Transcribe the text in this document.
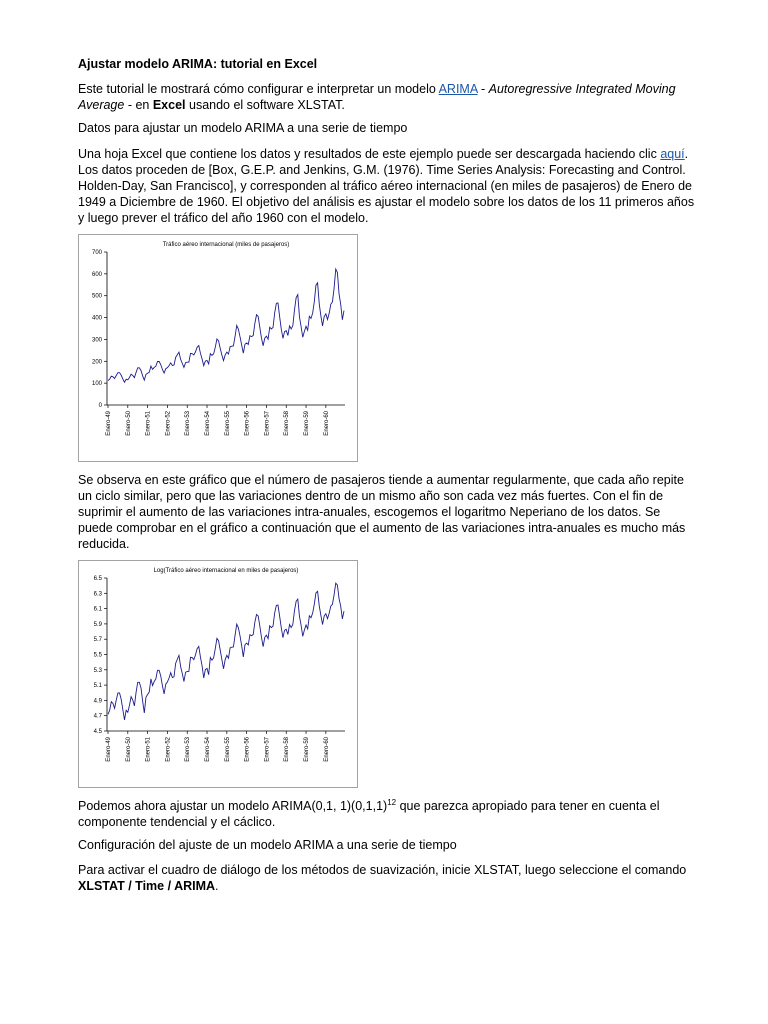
Ajustar modelo ARIMA: tutorial en Excel

Este tutorial le mostrará cómo configurar e interpretar un modelo ARIMA - Autoregressive Integrated Moving Average - en Excel usando el software XLSTAT.

Datos para ajustar un modelo ARIMA a una serie de tiempo

Una hoja Excel que contiene los datos y resultados de este ejemplo puede ser descargada haciendo clic aquí. Los datos proceden de [Box, G.E.P. and Jenkins, G.M. (1976). Time Series Analysis: Forecasting and Control. Holden-Day, San Francisco], y corresponden al tráfico aéreo internacional (en miles de pasajeros) de Enero de 1949 a Diciembre de 1960. El objetivo del análisis es ajustar el modelo sobre los datos de los 11 primeros años y luego prever el tráfico del año 1960 con el modelo.

Tráfico aéreo internacional (miles de pasajeros)
0
100
200
300
400
500
600
700
Enero-49 Enero-50 Enero-51 Enero-52 Enero-53 Enero-54 Enero-55 Enero-56 Enero-57 Enero-58 Enero-59 Enero-60

Se observa en este gráfico que el número de pasajeros tiende a aumentar regularmente, que cada año repite un ciclo similar, pero que las variaciones dentro de un mismo año son cada vez más fuertes. Con el fin de suprimir el aumento de las variaciones intra-anuales, escogemos el logaritmo Neperiano de los datos. Se puede comprobar en el gráfico a continuación que el aumento de las variaciones intra-anuales es mucho más reducida.

Log(Tráfico aéreo internacional en miles de pasajeros)
4.5
4.7
4.9
5.1
5.3
5.5
5.7
5.9
6.1
6.3
6.5
Enero-49 Enero-50 Enero-51 Enero-52 Enero-53 Enero-54 Enero-55 Enero-56 Enero-57 Enero-58 Enero-59 Enero-60

Podemos ahora ajustar un modelo ARIMA(0,1, $1)(0,1,1)^{12}$ que parezca apropiado para tener en cuenta el componente tendencial y el cáclico.

Configuración del ajuste de un modelo ARIMA a una serie de tiempo

Para activar el cuadro de diálogo de los métodos de suavización, inicie XLSTAT, luego seleccione el comando XLSTAT / Time / ARIMA.
